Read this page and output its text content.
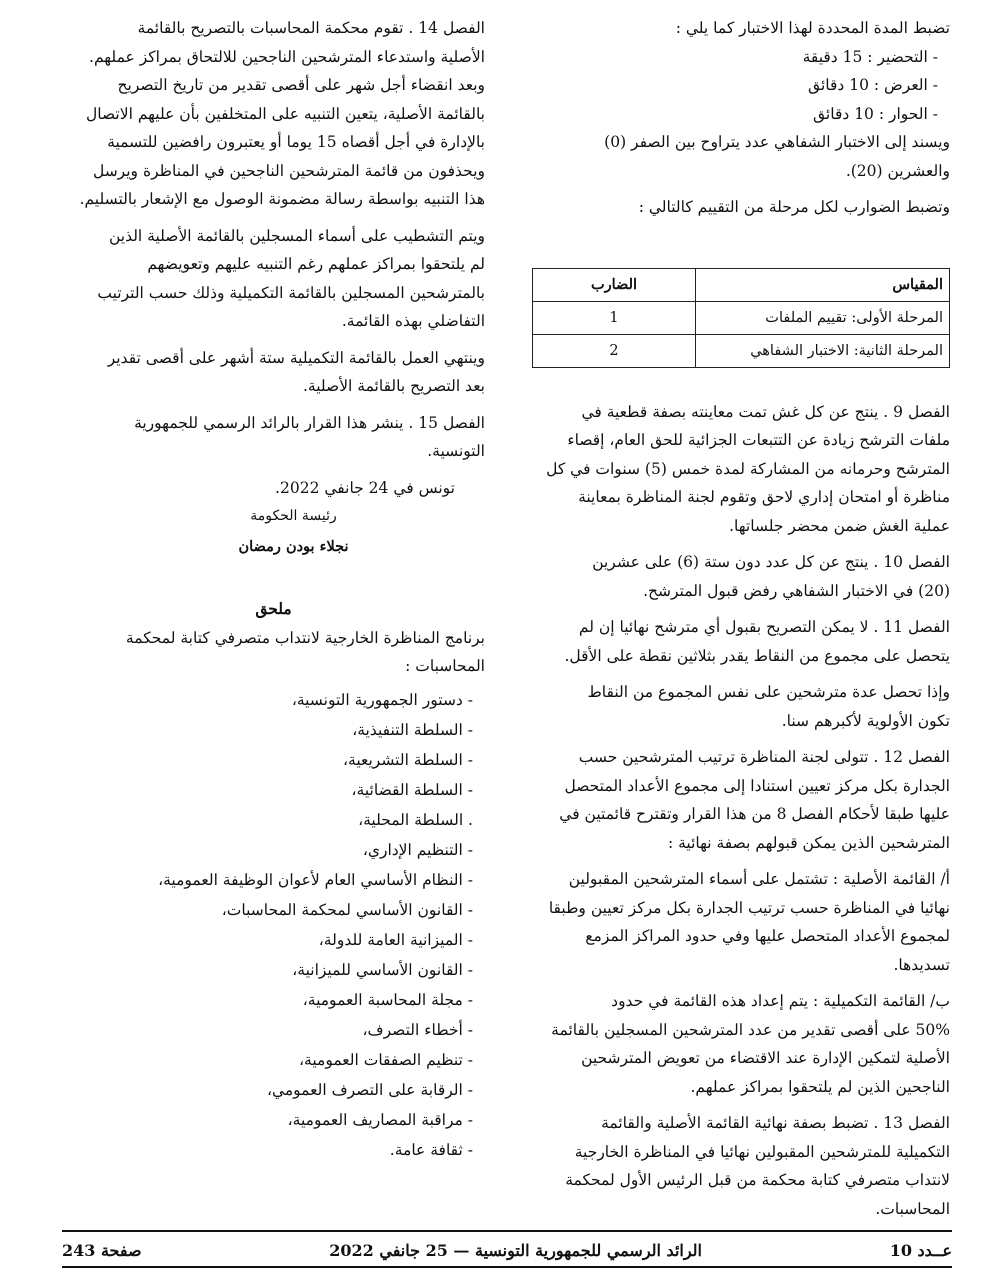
تضبط المدة المحددة لهذا الاختبار كما يلي :

- التحضير : 15 دقيقة
- العرض : 10 دقائق
- الحوار : 10 دقائق

ويسند إلى الاختبار الشفاهي عدد يتراوح بين الصفر (0)
والعشرين (20).

وتضبط الضوارب لكل مرحلة من التقييم كالتالي :

المقياس	الضارب
المرحلة الأولى: تقييم الملفات	1
المرحلة الثانية: الاختبار الشفاهي	2

الفصل 9 . ينتج عن كل غش تمت معاينته بصفة قطعية في
ملفات الترشح زيادة عن التتبعات الجزائية للحق العام، إقصاء
المترشح وحرمانه من المشاركة لمدة خمس (5) سنوات في كل
مناظرة أو امتحان إداري لاحق وتقوم لجنة المناظرة بمعاينة
عملية الغش ضمن محضر جلساتها.

الفصل 10 . ينتج عن كل عدد دون ستة (6) على عشرين
(20) في الاختبار الشفاهي رفض قبول المترشح.

الفصل 11 . لا يمكن التصريح بقبول أي مترشح نهائيا إن لم
يتحصل على مجموع من النقاط يقدر بثلاثين نقطة على الأقل.

وإذا تحصل عدة مترشحين على نفس المجموع من النقاط
تكون الأولوية لأكبرهم سنا.

الفصل 12 . تتولى لجنة المناظرة ترتيب المترشحين حسب
الجدارة بكل مركز تعيين استنادا إلى مجموع الأعداد المتحصل
عليها طبقا لأحكام الفصل 8 من هذا القرار وتقترح قائمتين في
المترشحين الذين يمكن قبولهم بصفة نهائية :

أ/ القائمة الأصلية : تشتمل على أسماء المترشحين المقبولين
نهائيا في المناظرة حسب ترتيب الجدارة بكل مركز تعيين وطبقا
لمجموع الأعداد المتحصل عليها وفي حدود المراكز المزمع
تسديدها.

ب/ القائمة التكميلية : يتم إعداد هذه القائمة في حدود
50% على أقصى تقدير من عدد المترشحين المسجلين بالقائمة
الأصلية لتمكين الإدارة عند الاقتضاء من تعويض المترشحين
الناجحين الذين لم يلتحقوا بمراكز عملهم.

الفصل 13 . تضبط بصفة نهائية القائمة الأصلية والقائمة
التكميلية للمترشحين المقبولين نهائيا في المناظرة الخارجية
لانتداب متصرفي كتابة محكمة من قبل الرئيس الأول لمحكمة
المحاسبات.

الفصل 14 . تقوم محكمة المحاسبات بالتصريح بالقائمة
الأصلية واستدعاء المترشحين الناجحين للالتحاق بمراكز عملهم.
وبعد انقضاء أجل شهر على أقصى تقدير من تاريخ التصريح
بالقائمة الأصلية، يتعين التنبيه على المتخلفين بأن عليهم الاتصال
بالإدارة في أجل أقصاه 15 يوما أو يعتبرون رافضين للتسمية
ويحذفون من قائمة المترشحين الناجحين في المناظرة ويرسل
هذا التنبيه بواسطة رسالة مضمونة الوصول مع الإشعار بالتسليم.

ويتم التشطيب على أسماء المسجلين بالقائمة الأصلية الذين
لم يلتحقوا بمراكز عملهم رغم التنبيه عليهم وتعويضهم
بالمترشحين المسجلين بالقائمة التكميلية وذلك حسب الترتيب
التفاضلي بهذه القائمة.

وينتهي العمل بالقائمة التكميلية ستة أشهر على أقصى تقدير
بعد التصريح بالقائمة الأصلية.

الفصل 15 . ينشر هذا القرار بالرائد الرسمي للجمهورية
التونسية.

تونس في 24 جانفي 2022.

رئيسة الحكومة

نجلاء بودن رمضان

ملحق

برنامج المناظرة الخارجية لانتداب متصرفي كتابة لمحكمة
المحاسبات :

- دستور الجمهورية التونسية،

- السلطة التنفيذية،

- السلطة التشريعية،

- السلطة القضائية،

. السلطة المحلية،

- التنظيم الإداري،

- النظام الأساسي العام لأعوان الوظيفة العمومية،

- القانون الأساسي لمحكمة المحاسبات،

- الميزانية العامة للدولة،

- القانون الأساسي للميزانية،

- مجلة المحاسبة العمومية،

- أخطاء التصرف،

- تنظيم الصفقات العمومية،

- الرقابة على التصرف العمومي،

- مراقبة المصاريف العمومية،

- ثقافة عامة.

صفحة 243	الرائد الرسمي للجمهورية التونسية — 25 جانفي 2022	عــدد 10
